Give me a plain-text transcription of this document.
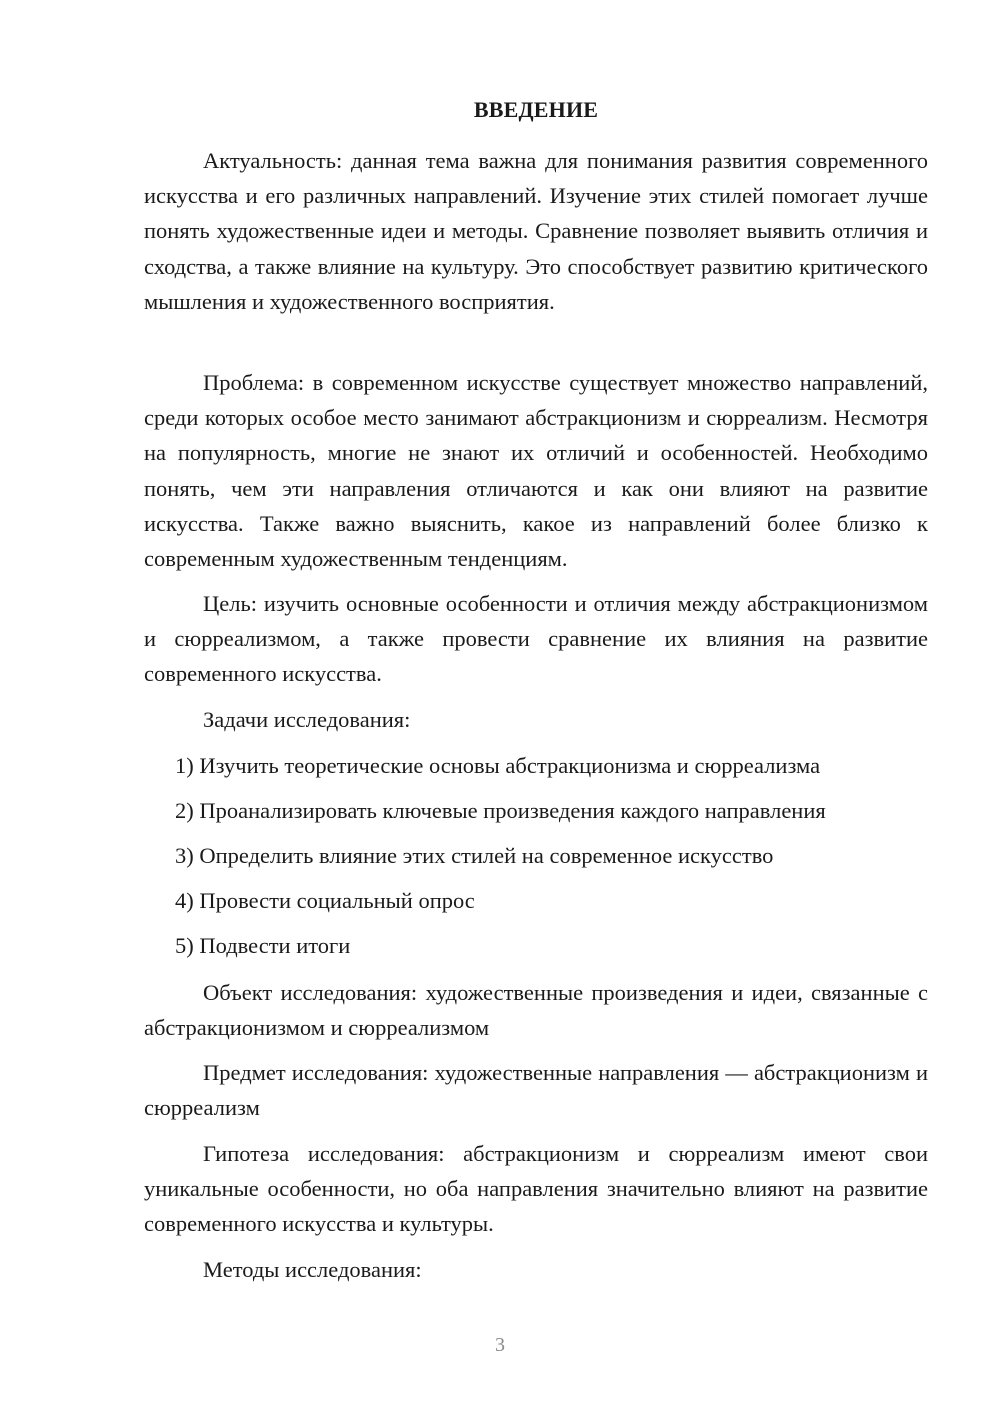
ВВЕДЕНИЕ

Актуальность: данная тема важна для понимания развития современного искусства и его различных направлений. Изучение этих стилей помогает лучше понять художественные идеи и методы. Сравнение позволяет выявить отличия и сходства, а также влияние на культуру. Это способствует развитию критического мышления и художественного восприятия.

Проблема: в современном искусстве существует множество направлений, среди которых особое место занимают абстракционизм и сюрреализм. Несмотря на популярность, многие не знают их отличий и особенностей. Необходимо понять, чем эти направления отличаются и как они влияют на развитие искусства. Также важно выяснить, какое из направлений более близко к современным художественным тенденциям.

Цель: изучить основные особенности и отличия между абстракционизмом и сюрреализмом, а также провести сравнение их влияния на развитие современного искусства.

Задачи исследования:

1) Изучить теоретические основы абстракционизма и сюрреализма
2) Проанализировать ключевые произведения каждого направления
3) Определить влияние этих стилей на современное искусство
4) Провести социальный опрос
5) Подвести итоги

Объект исследования: художественные произведения и идеи, связанные с абстракционизмом и сюрреализмом

Предмет исследования: художественные направления — абстракционизм и сюрреализм

Гипотеза исследования: абстракционизм и сюрреализм имеют свои уникальные особенности, но оба направления значительно влияют на развитие современного искусства и культуры.

Методы исследования:

3
